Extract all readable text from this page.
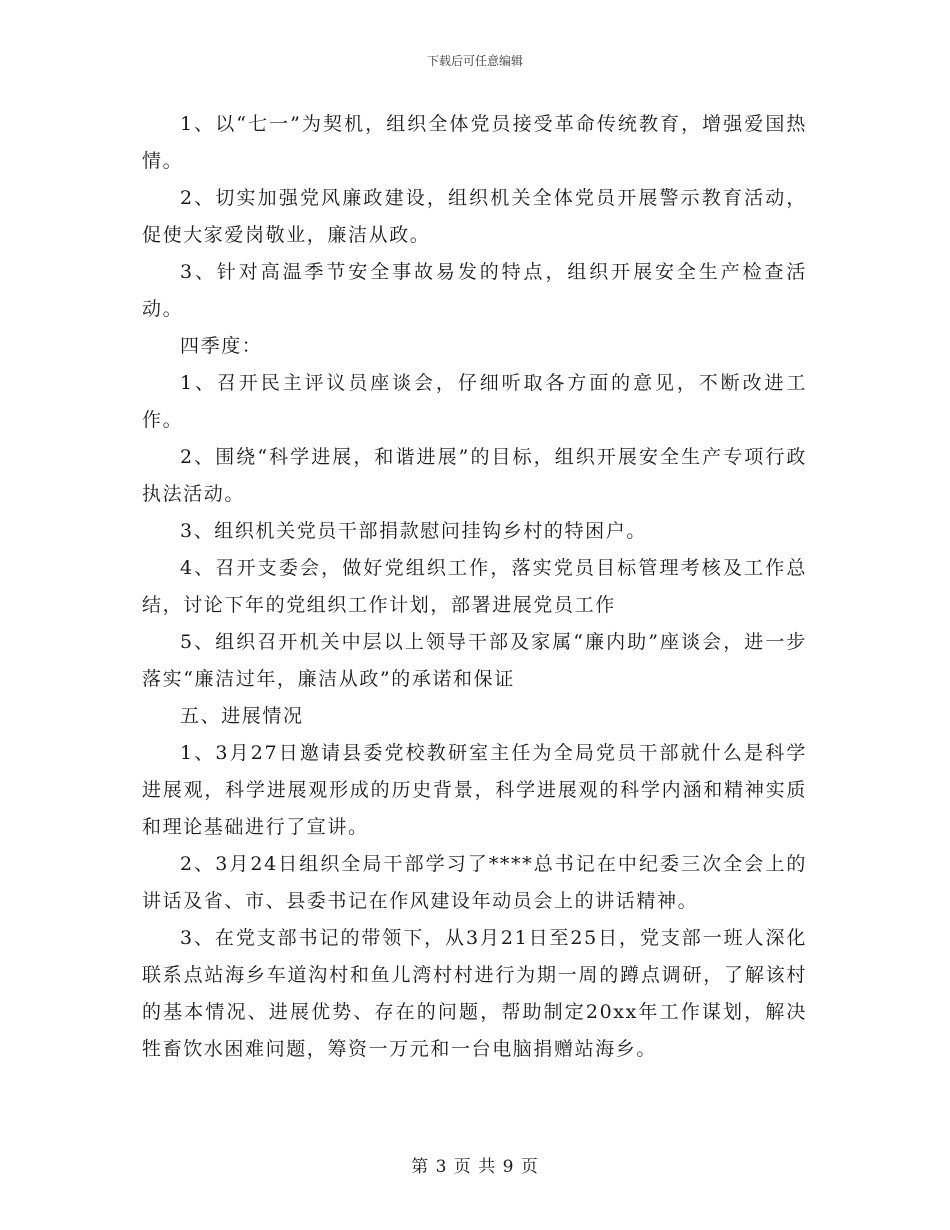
下载后可任意编辑

1、以“七一”为契机，组织全体党员接受革命传统教育，增强爱国热情。

2、切实加强党风廉政建设，组织机关全体党员开展警示教育活动，促使大家爱岗敬业，廉洁从政。

3、针对高温季节安全事故易发的特点，组织开展安全生产检查活动。

四季度：

1、召开民主评议员座谈会，仔细听取各方面的意见，不断改进工作。

2、围绕“科学进展，和谐进展”的目标，组织开展安全生产专项行政执法活动。

3、组织机关党员干部捐款慰问挂钩乡村的特困户。

4、召开支委会，做好党组织工作，落实党员目标管理考核及工作总结，讨论下年的党组织工作计划，部署进展党员工作

5、组织召开机关中层以上领导干部及家属“廉内助”座谈会，进一步落实“廉洁过年，廉洁从政”的承诺和保证

五、进展情况

1、3月27日邀请县委党校教研室主任为全局党员干部就什么是科学进展观，科学进展观形成的历史背景，科学进展观的科学内涵和精神实质和理论基础进行了宣讲。

2、3月24日组织全局干部学习了****总书记在中纪委三次全会上的讲话及省、市、县委书记在作风建设年动员会上的讲话精神。

3、在党支部书记的带领下，从3月21日至25日，党支部一班人深化联系点站海乡车道沟村和鱼儿湾村村进行为期一周的蹲点调研，了解该村的基本情况、进展优势、存在的问题，帮助制定20xx年工作谋划，解决牲畜饮水困难问题，筹资一万元和一台电脑捐赠站海乡。

第 3 页 共 9 页
